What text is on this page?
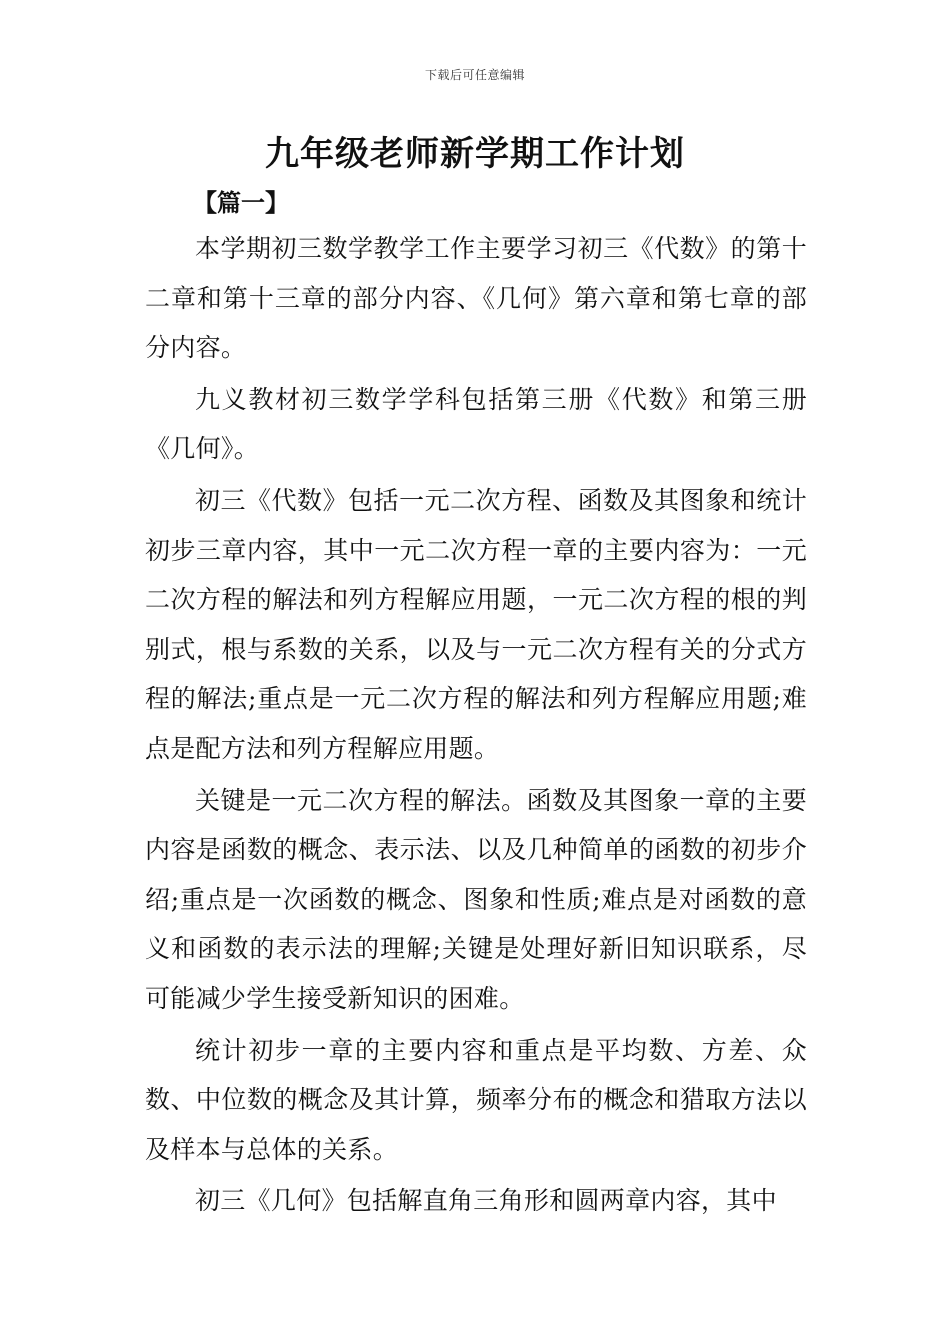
下载后可任意编辑
九年级老师新学期工作计划
【篇一】

本学期初三数学教学工作主要学习初三《代数》的第十二章和第十三章的部分内容、《几何》第六章和第七章的部分内容。

九义教材初三数学学科包括第三册《代数》和第三册《几何》。

初三《代数》包括一元二次方程、函数及其图象和统计初步三章内容，其中一元二次方程一章的主要内容为：一元二次方程的解法和列方程解应用题，一元二次方程的根的判别式，根与系数的关系，以及与一元二次方程有关的分式方程的解法;重点是一元二次方程的解法和列方程解应用题;难点是配方法和列方程解应用题。

关键是一元二次方程的解法。函数及其图象一章的主要内容是函数的概念、表示法、以及几种简单的函数的初步介绍;重点是一次函数的概念、图象和性质;难点是对函数的意义和函数的表示法的理解;关键是处理好新旧知识联系，尽可能减少学生接受新知识的困难。

统计初步一章的主要内容和重点是平均数、方差、众数、中位数的概念及其计算，频率分布的概念和猎取方法以及样本与总体的关系。

初三《几何》包括解直角三角形和圆两章内容，其中
